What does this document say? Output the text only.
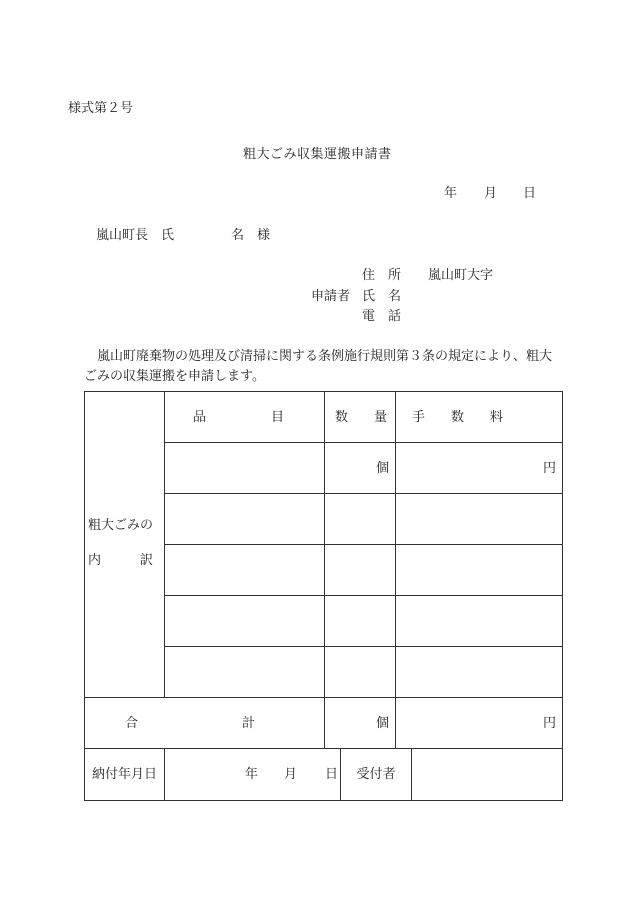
様式第２号
粗大ごみ収集運搬申請書
年 月 日
嵐山町長　氏	名　様
住　所 嵐山町大字
申請者 氏　名
電　話
　嵐山町廃棄物の処理及び清掃に関する条例施行規則第３条の規定により、粗大
ごみの収集運搬を申請します。
粗大ごみの
内　　　訳	品　　　　　目	数　　量		手　　数　　料	
		個		円	

合　　　　　　　　計		個		円	
納付年月日	年 月 日		受付者		
